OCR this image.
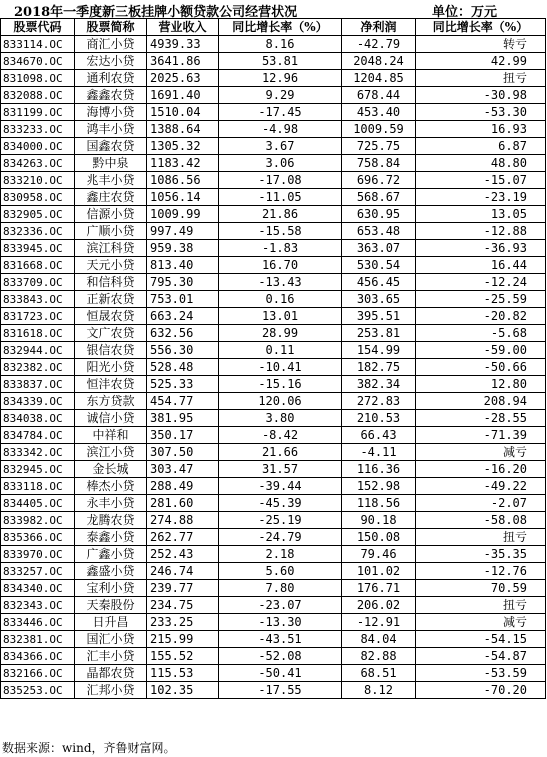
2018年一季度新三板挂牌小额贷款公司经营状况	单位：万元
股票代码	股票简称	营业收入	同比增长率（%）	净利润	同比增长率（%）
833114.OC	商汇小贷	4939.33	8.16	-42.79	转亏
834670.OC	宏达小贷	3641.86	53.81	2048.24	42.99
831098.OC	通利农贷	2025.63	12.96	1204.85	扭亏
832088.OC	鑫鑫农贷	1691.40	9.29	678.44	-30.98
831199.OC	海博小贷	1510.04	-17.45	453.40	-53.30
833233.OC	鸿丰小贷	1388.64	-4.98	1009.59	16.93
834000.OC	国鑫农贷	1305.32	3.67	725.75	6.87
834263.OC	黔中泉	1183.42	3.06	758.84	48.80
833210.OC	兆丰小贷	1086.56	-17.08	696.72	-15.07
830958.OC	鑫庄农贷	1056.14	-11.05	568.67	-23.19
832905.OC	信源小贷	1009.99	21.86	630.95	13.05
832336.OC	广顺小贷	997.49	-15.58	653.48	-12.88
833945.OC	滨江科贷	959.38	-1.83	363.07	-36.93
831668.OC	天元小贷	813.40	16.70	530.54	16.44
833709.OC	和信科贷	795.30	-13.43	456.45	-12.24
833843.OC	正新农贷	753.01	0.16	303.65	-25.59
831723.OC	恒晟农贷	663.24	13.01	395.51	-20.82
831618.OC	文广农贷	632.56	28.99	253.81	-5.68
832944.OC	银信农贷	556.30	0.11	154.99	-59.00
832382.OC	阳光小贷	528.48	-10.41	182.75	-50.66
833837.OC	恒沣农贷	525.33	-15.16	382.34	12.80
834339.OC	东方贷款	454.77	120.06	272.83	208.94
834038.OC	诚信小贷	381.95	3.80	210.53	-28.55
834784.OC	中祥和	350.17	-8.42	66.43	-71.39
833342.OC	滨江小贷	307.50	21.66	-4.11	减亏
832945.OC	金长城	303.47	31.57	116.36	-16.20
833118.OC	棒杰小贷	288.49	-39.44	152.98	-49.22
834405.OC	永丰小贷	281.60	-45.39	118.56	-2.07
833982.OC	龙腾农贷	274.88	-25.19	90.18	-58.08
835366.OC	泰鑫小贷	262.77	-24.79	150.08	扭亏
833970.OC	广鑫小贷	252.43	2.18	79.46	-35.35
833257.OC	鑫盛小贷	246.74	5.60	101.02	-12.76
834340.OC	宝利小贷	239.77	7.80	176.71	70.59
832343.OC	天秦股份	234.75	-23.07	206.02	扭亏
833446.OC	日升昌	233.25	-13.30	-12.91	减亏
832381.OC	国汇小贷	215.99	-43.51	84.04	-54.15
834366.OC	汇丰小贷	155.52	-52.08	82.88	-54.87
832166.OC	晶都农贷	115.53	-50.41	68.51	-53.59
835253.OC	汇邦小贷	102.35	-17.55	8.12	-70.20
数据来源：wind，齐鲁财富网。
